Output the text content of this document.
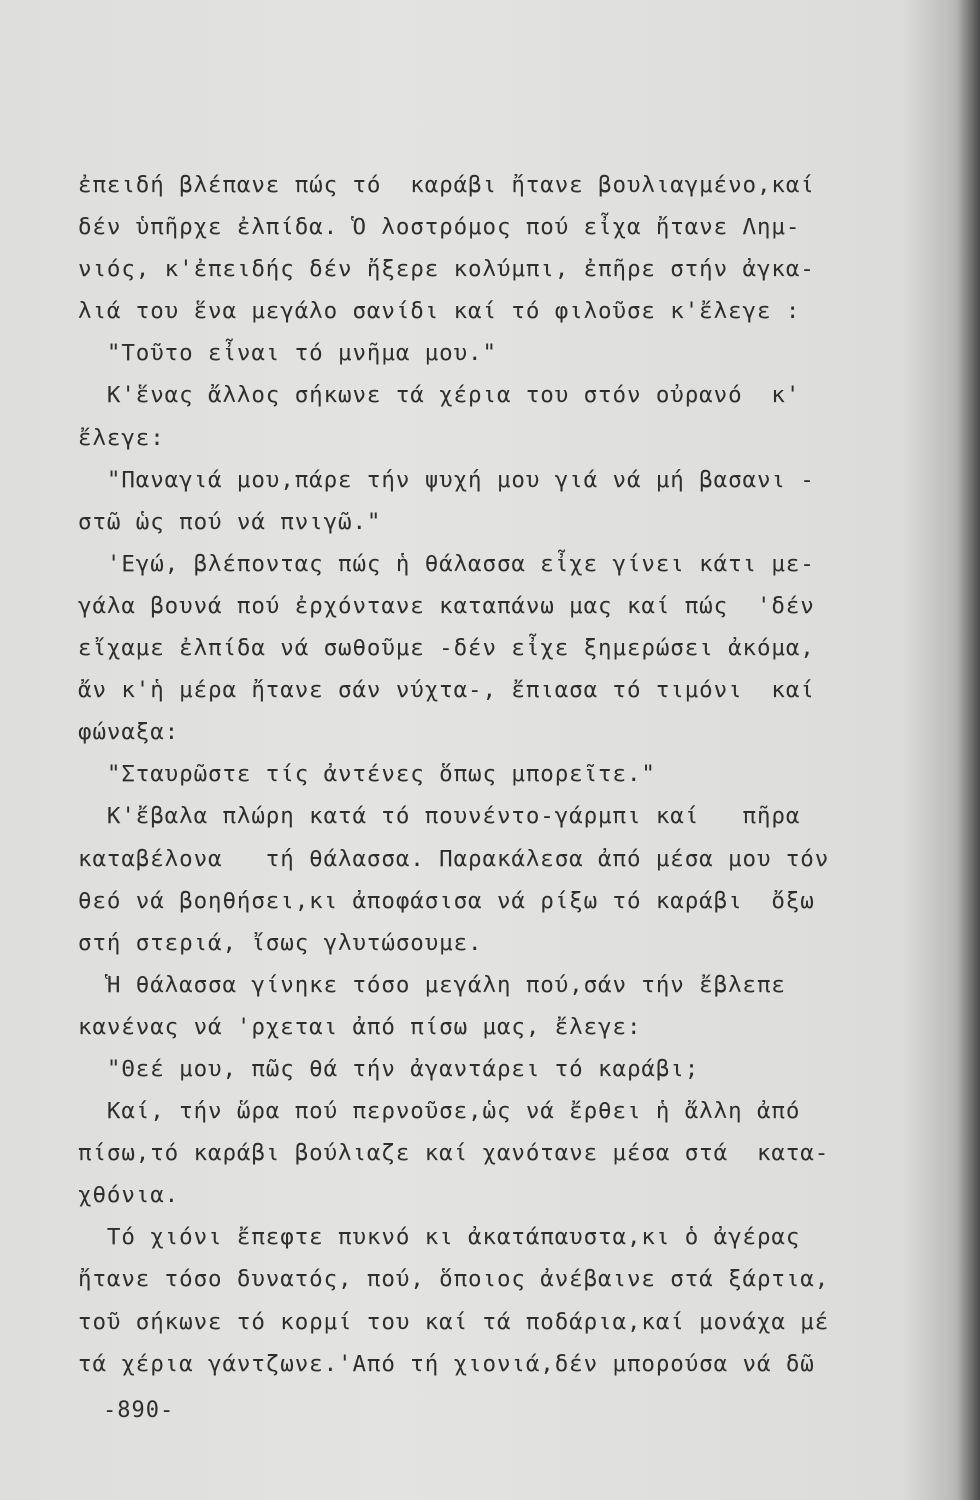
ἐπειδή βλέπανε πώς τό  καράβι ἤτανε βουλιαγμένο,καί
δέν ὑπῆρχε ἐλπίδα. Ὁ λοστρόμος πού εἶχα ἤτανε Λημ-
νιός, κ'ἐπειδής δέν ἤξερε κολύμπι, ἐπῆρε στήν ἀγκα-
λιά του ἕνα μεγάλο σανίδι καί τό φιλοῦσε κ'ἔλεγε :
"Τοῦτο εἶναι τό μνῆμα μου."
Κ'ἕνας ἄλλος σήκωνε τά χέρια του στόν οὐρανό  κ'
ἔλεγε:
"Παναγιά μου,πάρε τήν ψυχή μου γιά νά μή βασανι -
στῶ ὡς πού νά πνιγῶ."
'Εγώ, βλέποντας πώς ἡ θάλασσα εἶχε γίνει κάτι με-
γάλα βουνά πού ἐρχόντανε καταπάνω μας καί πώς  'δέν
εἴχαμε ἐλπίδα νά σωθοῦμε -δέν εἶχε ξημερώσει ἀκόμα,
ἄν κ'ἡ μέρα ἤτανε σάν νύχτα-, ἔπιασα τό τιμόνι  καί
φώναξα:
"Σταυρῶστε τίς ἀντένες ὅπως μπορεῖτε."
Κ'ἔβαλα πλώρη κατά τό πουνέντο-γάρμπι καί   πῆρα
καταβέλονα   τή θάλασσα. Παρακάλεσα ἀπό μέσα μου τόν
θεό νά βοηθήσει,κι ἀποφάσισα νά ρίξω τό καράβι  ὄξω
στή στεριά, ἴσως γλυτώσουμε.
Ἡ θάλασσα γίνηκε τόσο μεγάλη πού,σάν τήν ἔβλεπε
κανένας νά 'ρχεται ἀπό πίσω μας, ἔλεγε:
"Θεέ μου, πῶς θά τήν ἀγαντάρει τό καράβι;
Καί, τήν ὥρα πού περνοῦσε,ὡς νά ἔρθει ἡ ἄλλη ἀπό
πίσω,τό καράβι βούλιαζε καί χανότανε μέσα στά  κατα-
χθόνια.
Τό χιόνι ἔπεφτε πυκνό κι ἀκατάπαυστα,κι ὁ ἀγέρας
ἤτανε τόσο δυνατός, πού, ὅποιος ἀνέβαινε στά ξάρτια,
τοῦ σήκωνε τό κορμί του καί τά ποδάρια,καί μονάχα μέ
τά χέρια γάντζωνε.'Από τή χιονιά,δέν μπορούσα νά δῶ
-890-
